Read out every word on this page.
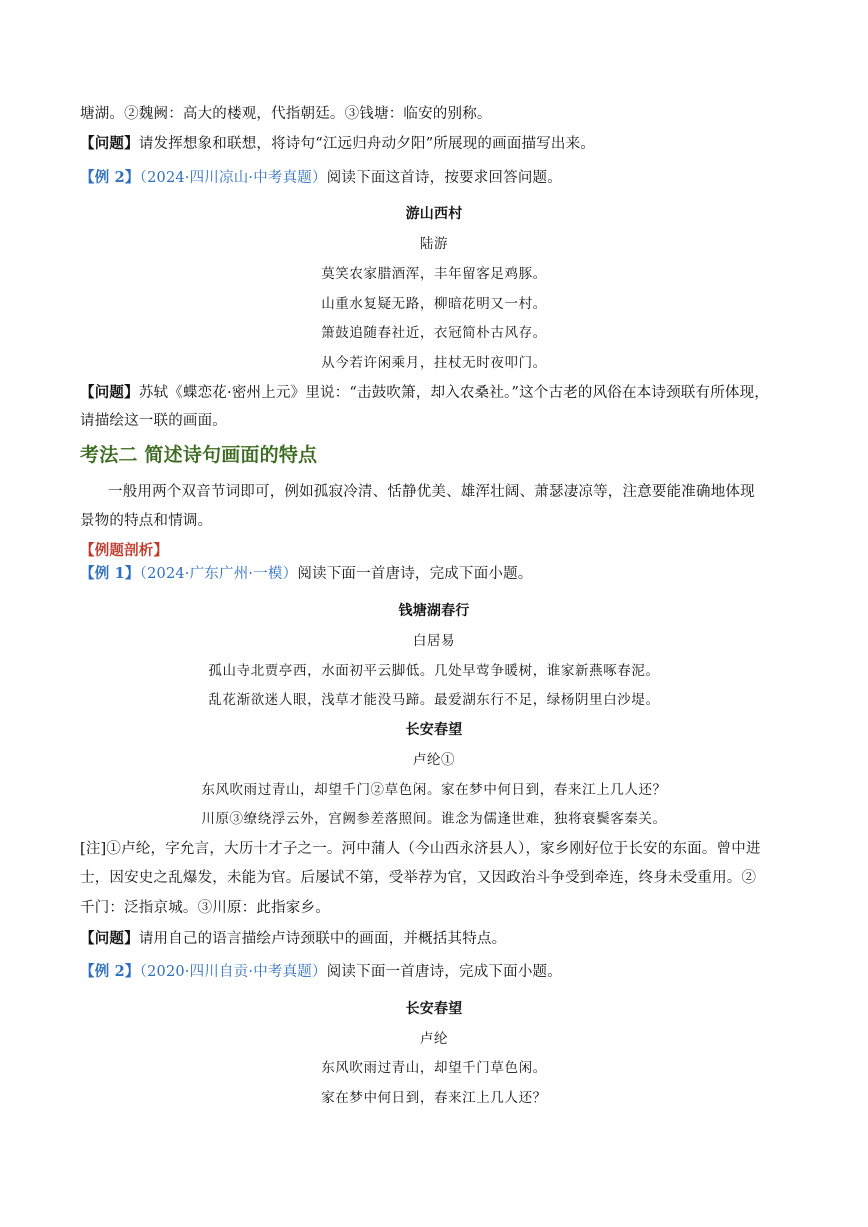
塘湖。②魏阙：高大的楼观，代指朝廷。③钱塘：临安的别称。
【问题】请发挥想象和联想，将诗句“江远归舟动夕阳”所展现的画面描写出来。
【例 2】（2024·四川凉山·中考真题）阅读下面这首诗，按要求回答问题。
游山西村
陆游
莫笑农家腊酒浑，丰年留客足鸡豚。
山重水复疑无路，柳暗花明又一村。
箫鼓追随春社近，衣冠简朴古风存。
从今若许闲乘月，拄杖无时夜叩门。
【问题】苏轼《蝶恋花·密州上元》里说：“击鼓吹箫，却入农桑社。”这个古老的风俗在本诗颈联有所体现，
请描绘这一联的画面。
考法二 简述诗句画面的特点
一般用两个双音节词即可，例如孤寂冷清、恬静优美、雄浑壮阔、萧瑟凄凉等，注意要能准确地体现
景物的特点和情调。
【例题剖析】
【例 1】（2024·广东广州·一模）阅读下面一首唐诗，完成下面小题。
钱塘湖春行
白居易
孤山寺北贾亭西，水面初平云脚低。几处早莺争暖树，谁家新燕啄春泥。
乱花渐欲迷人眼，浅草才能没马蹄。最爱湖东行不足，绿杨阴里白沙堤。
长安春望
卢纶①
东风吹雨过青山，却望千门②草色闲。家在梦中何日到，春来江上几人还？
川原③缭绕浮云外，宫阙参差落照间。谁念为儒逢世难，独将衰鬓客秦关。
[注]①卢纶，字允言，大历十才子之一。河中蒲人（今山西永济县人），家乡刚好位于长安的东面。曾中进
士，因安史之乱爆发，未能为官。后屡试不第，受举荐为官，又因政治斗争受到牵连，终身未受重用。②
千门：泛指京城。③川原：此指家乡。
【问题】请用自己的语言描绘卢诗颈联中的画面，并概括其特点。
【例 2】（2020·四川自贡·中考真题）阅读下面一首唐诗，完成下面小题。
长安春望
卢纶
东风吹雨过青山，却望千门草色闲。
家在梦中何日到，春来江上几人还？
